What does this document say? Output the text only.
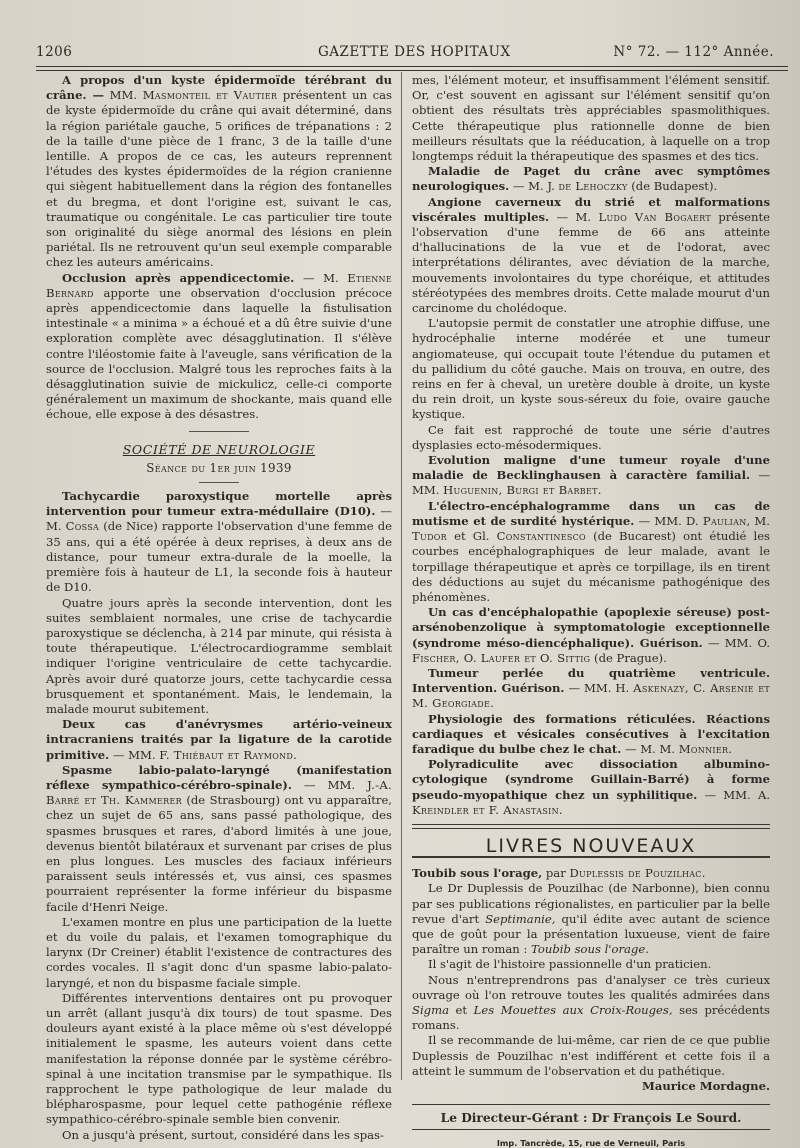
1206	GAZETTE DES HOPITAUX	N° 72. — 112° Année.

A propos d'un kyste épidermoïde térébrant du crâne. — MM. Masmonteil et Vautier présentent un cas de kyste épidermoïde du crâne qui avait déterminé, dans la région pariétale gauche, 5 orifices de trépanations : 2 de la taille d'une pièce de 1 franc, 3 de la taille d'une lentille. A propos de ce cas, les auteurs reprennent l'études des kystes épidermoïdes de la région cranienne qui siègent habituellement dans la région des fontanelles et du bregma, et dont l'origine est, suivant le cas, traumatique ou congénitale. Le cas particulier tire toute son originalité du siège anormal des lésions en plein pariétal. Ils ne retrouvent qu'un seul exemple comparable chez les auteurs américains.

Occlusion après appendicectomie. — M. Etienne Bernard apporte une observation d'occlusion précoce après appendicectomie dans laquelle la fistulisation intestinale « a minima » a échoué et a dû être suivie d'une exploration complète avec désagglutination. Il s'élève contre l'iléostomie faite à l'aveugle, sans vérification de la source de l'occlusion. Malgré tous les reproches faits à la désagglutination suivie de mickulicz, celle-ci comporte généralement un maximum de shockante, mais quand elle échoue, elle expose à des désastres.

SOCIÉTÉ DE NEUROLOGIE

Séance du 1er juin 1939

Tachycardie paroxystique mortelle après intervention pour tumeur extra-médullaire (D10). — M. Cossa (de Nice) rapporte l'observation d'une femme de 35 ans, qui a été opérée à deux reprises, à deux ans de distance, pour tumeur extra-durale de la moelle, la première fois à hauteur de L1, la seconde fois à hauteur de D10.

Quatre jours après la seconde intervention, dont les suites semblaient normales, une crise de tachycardie paroxystique se déclencha, à 214 par minute, qui résista à toute thérapeutique. L'électrocardiogramme semblait indiquer l'origine ventriculaire de cette tachycardie. Après avoir duré quatorze jours, cette tachycardie cessa brusquement et spontanément. Mais, le lendemain, la malade mourut subitement.

Deux cas d'anévrysmes artério-veineux intracraniens traités par la ligature de la carotide primitive. — MM. F. Thiébaut et Raymond.

Spasme labio-palato-laryngé (manifestation réflexe sympathico-cérébro-spinale). — MM. J.-A. Barré et Th. Kammerer (de Strasbourg) ont vu apparaître, chez un sujet de 65 ans, sans passé pathologique, des spasmes brusques et rares, d'abord limités à une joue, devenus bientôt bilatéraux et survenant par crises de plus en plus longues. Les muscles des faciaux inférieurs paraissent seuls intéressés et, vus ainsi, ces spasmes pourraient représenter la forme inférieur du bispasme facile d'Henri Neige.

L'examen montre en plus une participation de la luette et du voile du palais, et l'examen tomographique du larynx (Dr Creiner) établit l'existence de contractures des cordes vocales. Il s'agit donc d'un spasme labio-palato-laryngé, et non du bispasme faciale simple.

Différentes interventions dentaires ont pu provoquer un arrêt (allant jusqu'à dix tours) de tout spasme. Des douleurs ayant existé à la place même où s'est développé initialement le spasme, les auteurs voient dans cette manifestation la réponse donnée par le système cérébro-spinal à une incitation transmise par le sympathique. Ils rapprochent le type pathologique de leur malade du blépharospasme, pour lequel cette pathogénie réflexe sympathico-cérébro-spinale semble bien convenir.

On a jusqu'à présent, surtout, considéré dans les spas-

mes, l'élément moteur, et insuffisamment l'élément sensitif. Or, c'est souvent en agissant sur l'élément sensitif qu'on obtient des résultats très appréciables spasmolithiques. Cette thérapeutique plus rationnelle donne de bien meilleurs résultats que la rééducation, à laquelle on a trop longtemps réduit la thérapeutique des spasmes et des tics.

Maladie de Paget du crâne avec symptômes neurologiques. — M. J. de Lehoczky (de Budapest).

Angione caverneux du strié et malformations viscérales multiples. — M. Ludo Van Bogaert présente l'observation d'une femme de 66 ans atteinte d'hallucinations de la vue et de l'odorat, avec interprétations délirantes, avec déviation de la marche, mouvements involontaires du type choréique, et attitudes stéréotypées des membres droits. Cette malade mourut d'un carcinome du cholédoque.

L'autopsie permit de constatler une atrophie diffuse, une hydrocéphalie interne modérée et une tumeur angiomateuse, qui occupait toute l'étendue du putamen et du pallidium du côté gauche. Mais on trouva, en outre, des reins en fer à cheval, un uretère double à droite, un kyste du rein droit, un kyste sous-séreux du foie, ovaire gauche kystique.

Ce fait est rapproché de toute une série d'autres dysplasies ecto-mésodermiques.

Evolution maligne d'une tumeur royale d'une maladie de Becklinghausen à caractère familial. — MM. Huguenin, Burgi et Barbet.

L'électro-encéphalogramme dans un cas de mutisme et de surdité hystérique. — MM. D. Paulian, M. Tudor et Gl. Constantinesco (de Bucarest) ont étudié les courbes encéphalographiques de leur malade, avant le torpillage thérapeutique et après ce torpillage, ils en tirent des déductions au sujet du mécanisme pathogénique des phénomènes.

Un cas d'encéphalopathie (apoplexie séreuse) post-arsénobenzolique à symptomatologie exceptionnelle (syndrome méso-diencéphalique). Guérison. — MM. O. Fischer, O. Laufer et O. Sittig (de Prague).

Tumeur perlée du quatrième ventricule. Intervention. Guérison. — MM. H. Askenazy, C. Arsenie et M. Georgiade.

Physiologie des formations réticulées. Réactions cardiaques et vésicales consécutives à l'excitation faradique du bulbe chez le chat. — M. M. Monnier.

Polyradiculite avec dissociation albumino-cytologique (syndrome Guillain-Barré) à forme pseudo-myopathique chez un syphilitique. — MM. A. Kreindler et F. Anastasin.

LIVRES NOUVEAUX

Toubib sous l'orage, par Duplessis de Pouzilhac.

Le Dr Duplessis de Pouzilhac (de Narbonne), bien connu par ses publications régionalistes, en particulier par la belle revue d'art Septimanie, qu'il édite avec autant de science que de goût pour la présentation luxueuse, vient de faire paraître un roman : Toubib sous l'orage.

Il s'agit de l'histoire passionnelle d'un praticien.

Nous n'entreprendrons pas d'analyser ce très curieux ouvrage où l'on retrouve toutes les qualités admirées dans Sigma et Les Mouettes aux Croix-Rouges, ses précédents romans.

Il se recommande de lui-même, car rien de ce que publie Duplessis de Pouzilhac n'est indifférent et cette fois il a atteint le summum de l'observation et du pathétique.

Maurice Mordagne.

Le Directeur-Gérant : Dr François Le Sourd.
Imp. Tancrède, 15, rue de Verneuil, Paris
